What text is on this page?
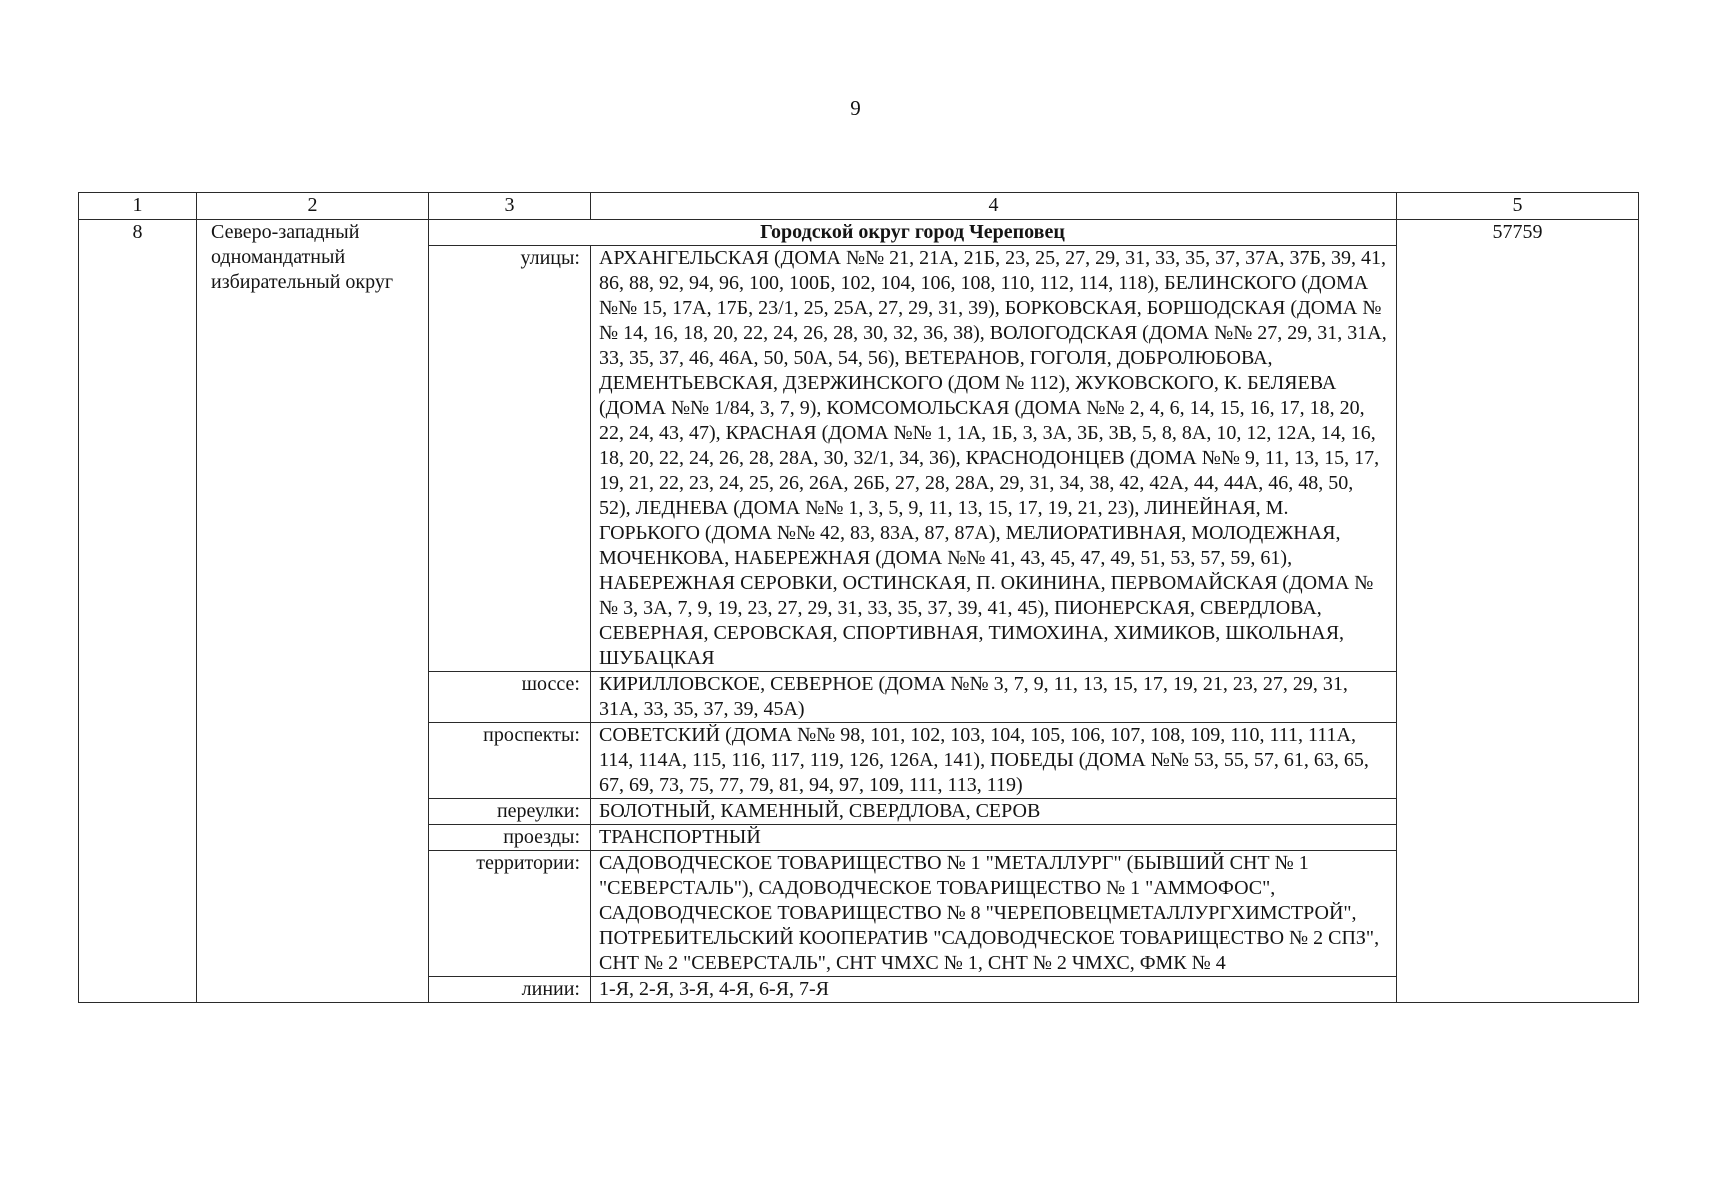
9
1	2	3	4	5
8	Северо-западный одномандатный избирательный округ	Городской округ город Череповец		57759
		улицы:	АРХАНГЕЛЬСКАЯ (ДОМА №№ 21, 21А, 21Б, 23, 25, 27, 29, 31, 33, 35, 37, 37А, 37Б, 39, 41, 86, 88, 92, 94, 96, 100, 100Б, 102, 104, 106, 108, 110, 112, 114, 118), БЕЛИНСКОГО (ДОМА №№ 15, 17А, 17Б, 23/1, 25, 25А, 27, 29, 31, 39), БОРКОВСКАЯ, БОРШОДСКАЯ (ДОМА №№ 14, 16, 18, 20, 22, 24, 26, 28, 30, 32, 36, 38), ВОЛОГОДСКАЯ (ДОМА №№ 27, 29, 31, 31А, 33, 35, 37, 46, 46А, 50, 50А, 54, 56), ВЕТЕРАНОВ, ГОГОЛЯ, ДОБРОЛЮБОВА, ДЕМЕНТЬЕВСКАЯ, ДЗЕРЖИНСКОГО (ДОМ № 112), ЖУКОВСКОГО, К. БЕЛЯЕВА (ДОМА №№ 1/84, 3, 7, 9), КОМСОМОЛЬСКАЯ (ДОМА №№ 2, 4, 6, 14, 15, 16, 17, 18, 20, 22, 24, 43, 47), КРАСНАЯ (ДОМА №№ 1, 1А, 1Б, 3, 3А, 3Б, 3В, 5, 8, 8А, 10, 12, 12А, 14, 16, 18, 20, 22, 24, 26, 28, 28А, 30, 32/1, 34, 36), КРАСНОДОНЦЕВ (ДОМА №№ 9, 11, 13, 15, 17, 19, 21, 22, 23, 24, 25, 26, 26А, 26Б, 27, 28, 28А, 29, 31, 34, 38, 42, 42А, 44, 44А, 46, 48, 50, 52), ЛЕДНЕВА (ДОМА №№ 1, 3, 5, 9, 11, 13, 15, 17, 19, 21, 23), ЛИНЕЙНАЯ, М. ГОРЬКОГО (ДОМА №№ 42, 83, 83А, 87, 87А), МЕЛИОРАТИВНАЯ, МОЛОДЕЖНАЯ, МОЧЕНКОВА, НАБЕРЕЖНАЯ (ДОМА №№ 41, 43, 45, 47, 49, 51, 53, 57, 59, 61), НАБЕРЕЖНАЯ СЕРОВКИ, ОСТИНСКАЯ, П. ОКИНИНА, ПЕРВОМАЙСКАЯ (ДОМА №№ 3, 3А, 7, 9, 19, 23, 27, 29, 31, 33, 35, 37, 39, 41, 45), ПИОНЕРСКАЯ, СВЕРДЛОВА, СЕВЕРНАЯ, СЕРОВСКАЯ, СПОРТИВНАЯ, ТИМОХИНА, ХИМИКОВ, ШКОЛЬНАЯ, ШУБАЦКАЯ	
		шоссе:	КИРИЛЛОВСКОЕ, СЕВЕРНОЕ (ДОМА №№ 3, 7, 9, 11, 13, 15, 17, 19, 21, 23, 27, 29, 31, 31А, 33, 35, 37, 39, 45А)	
		проспекты:	СОВЕТСКИЙ (ДОМА №№ 98, 101, 102, 103, 104, 105, 106, 107, 108, 109, 110, 111, 111А, 114, 114А, 115, 116, 117, 119, 126, 126А, 141), ПОБЕДЫ (ДОМА №№ 53, 55, 57, 61, 63, 65, 67, 69, 73, 75, 77, 79, 81, 94, 97, 109, 111, 113, 119)	
		переулки:	БОЛОТНЫЙ, КАМЕННЫЙ, СВЕРДЛОВА, СЕРОВ	
		проезды:	ТРАНСПОРТНЫЙ	
		территории:	САДОВОДЧЕСКОЕ ТОВАРИЩЕСТВО № 1 "МЕТАЛЛУРГ" (БЫВШИЙ СНТ № 1 "СЕВЕРСТАЛЬ"), САДОВОДЧЕСКОЕ ТОВАРИЩЕСТВО № 1 "АММОФОС", САДОВОДЧЕСКОЕ ТОВАРИЩЕСТВО № 8 "ЧЕРЕПОВЕЦМЕТАЛЛУРГХИМСТРОЙ", ПОТРЕБИТЕЛЬСКИЙ КООПЕРАТИВ "САДОВОДЧЕСКОЕ ТОВАРИЩЕСТВО № 2 СПЗ", СНТ № 2 "СЕВЕРСТАЛЬ", СНТ ЧМХС № 1, СНТ № 2 ЧМХС, ФМК № 4	
		линии:	1-Я, 2-Я, 3-Я, 4-Я, 6-Я, 7-Я	
